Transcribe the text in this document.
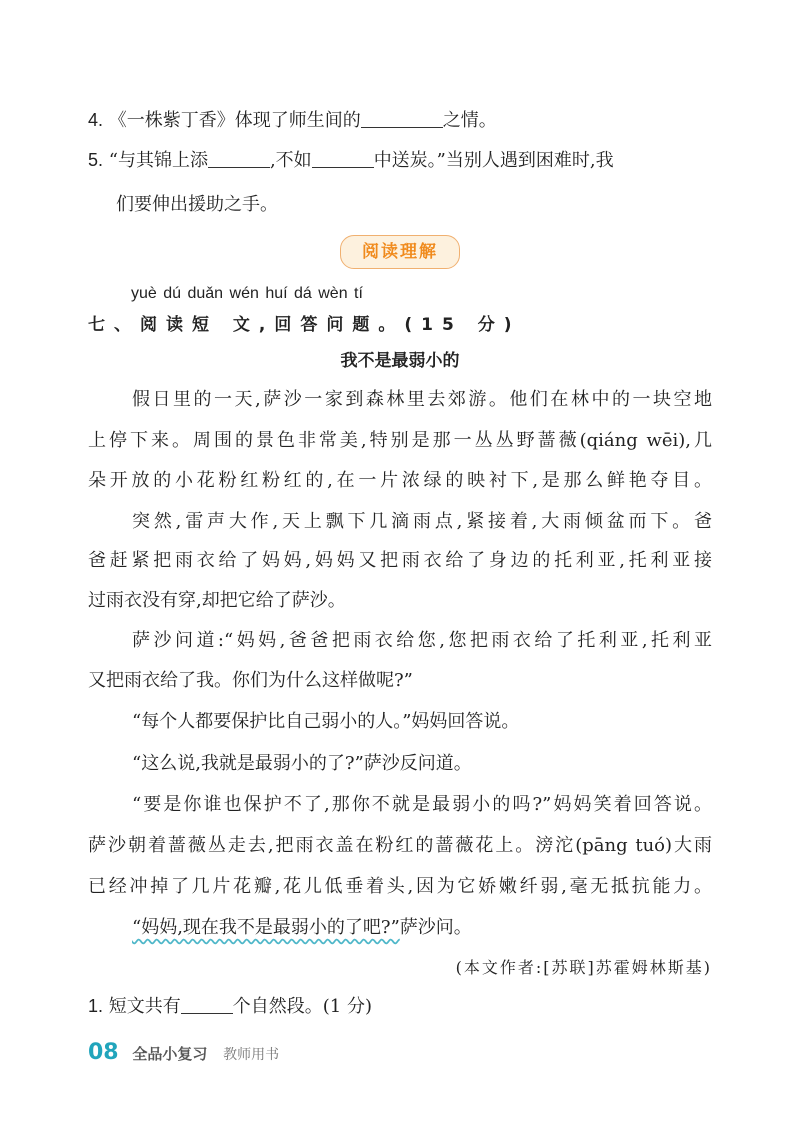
4. 《一株紫丁香》体现了师生间的	之情。
5. “与其锦上添	,不如	中送炭。”当别人遇到困难时,我
们要伸出援助之手。
阅读理解
yuè dú duǎn wén huí dá wèn tí
七、阅读短 文,回答问题。(15 分)
我不是最弱小的
假日里的一天,萨沙一家到森林里去郊游。他们在林中的一块空地
上停下来。周围的景色非常美,特别是那一丛丛野蔷薇(qiáng wēi),几
朵开放的小花粉红粉红的,在一片浓绿的映衬下,是那么鲜艳夺目。
突然,雷声大作,天上飘下几滴雨点,紧接着,大雨倾盆而下。爸
爸赶紧把雨衣给了妈妈,妈妈又把雨衣给了身边的托利亚,托利亚接
过雨衣没有穿,却把它给了萨沙。
萨沙问道:“妈妈,爸爸把雨衣给您,您把雨衣给了托利亚,托利亚
又把雨衣给了我。你们为什么这样做呢?”
“每个人都要保护比自己弱小的人。”妈妈回答说。
“这么说,我就是最弱小的了?”萨沙反问道。
“要是你谁也保护不了,那你不就是最弱小的吗?”妈妈笑着回答说。
萨沙朝着蔷薇丛走去,把雨衣盖在粉红的蔷薇花上。滂沱(pāng tuó)大雨
已经冲掉了几片花瓣,花儿低垂着头,因为它娇嫩纤弱,毫无抵抗能力。
“妈妈,现在我不是最弱小的了吧?”萨沙问。
(本文作者:[苏联]苏霍姆林斯基)
1. 短文共有	个自然段。(1 分)
08 全品小复习 教师用书
